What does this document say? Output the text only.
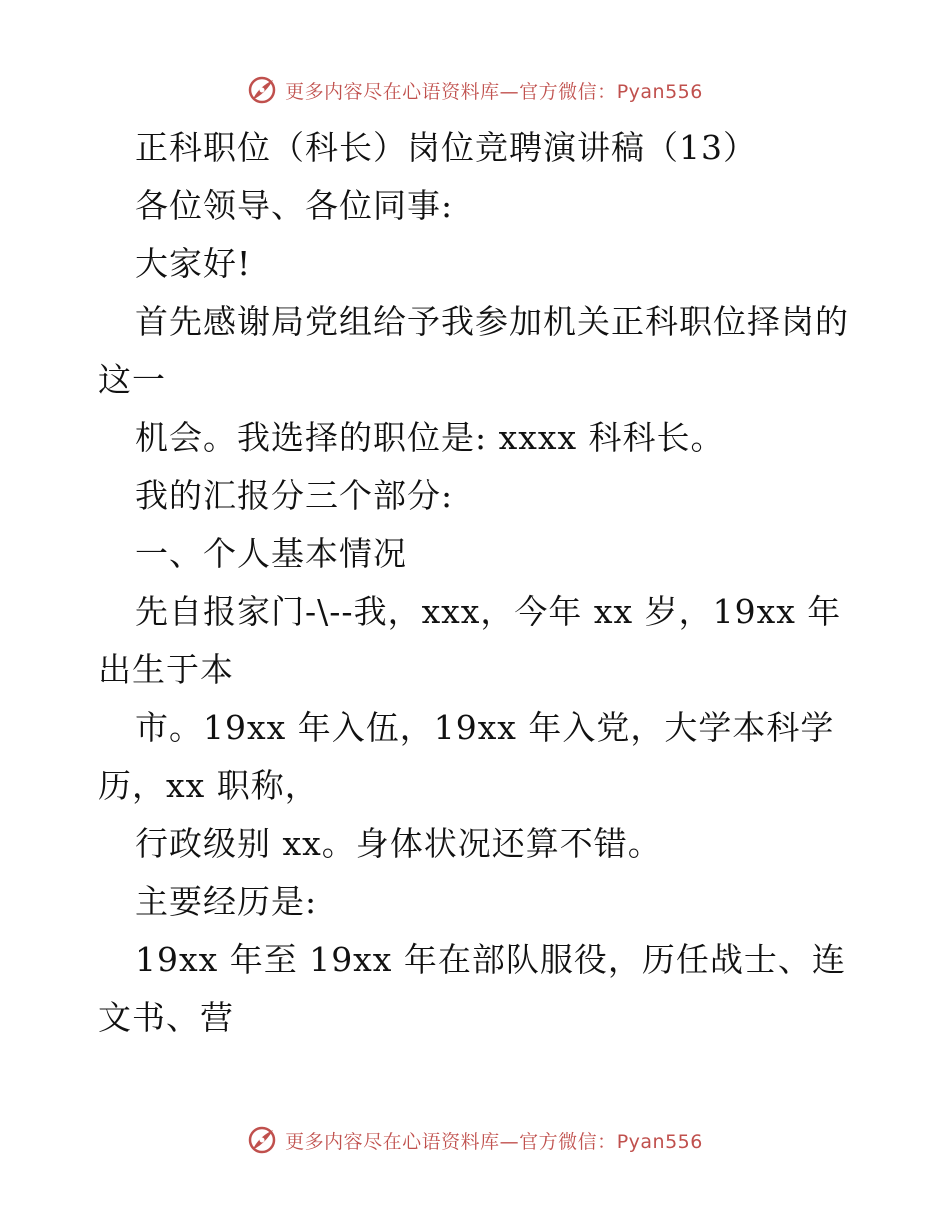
更多内容尽在心语资料库—官方微信：Pyan556
正科职位（科长）岗位竞聘演讲稿（13）
各位领导、各位同事:
大家好!
首先感谢局党组给予我参加机关正科职位择岗的
这一
机会。我选择的职位是: xxxx 科科长。
我的汇报分三个部分:
一、个人基本情况
先自报家门-\--我，xxx，今年 xx 岁，19xx 年
出生于本
市。19xx 年入伍，19xx 年入党，大学本科学
历，xx 职称，
行政级别 xx。身体状况还算不错。
主要经历是:
19xx 年至 19xx 年在部队服役，历任战士、连
文书、营
更多内容尽在心语资料库—官方微信：Pyan556
